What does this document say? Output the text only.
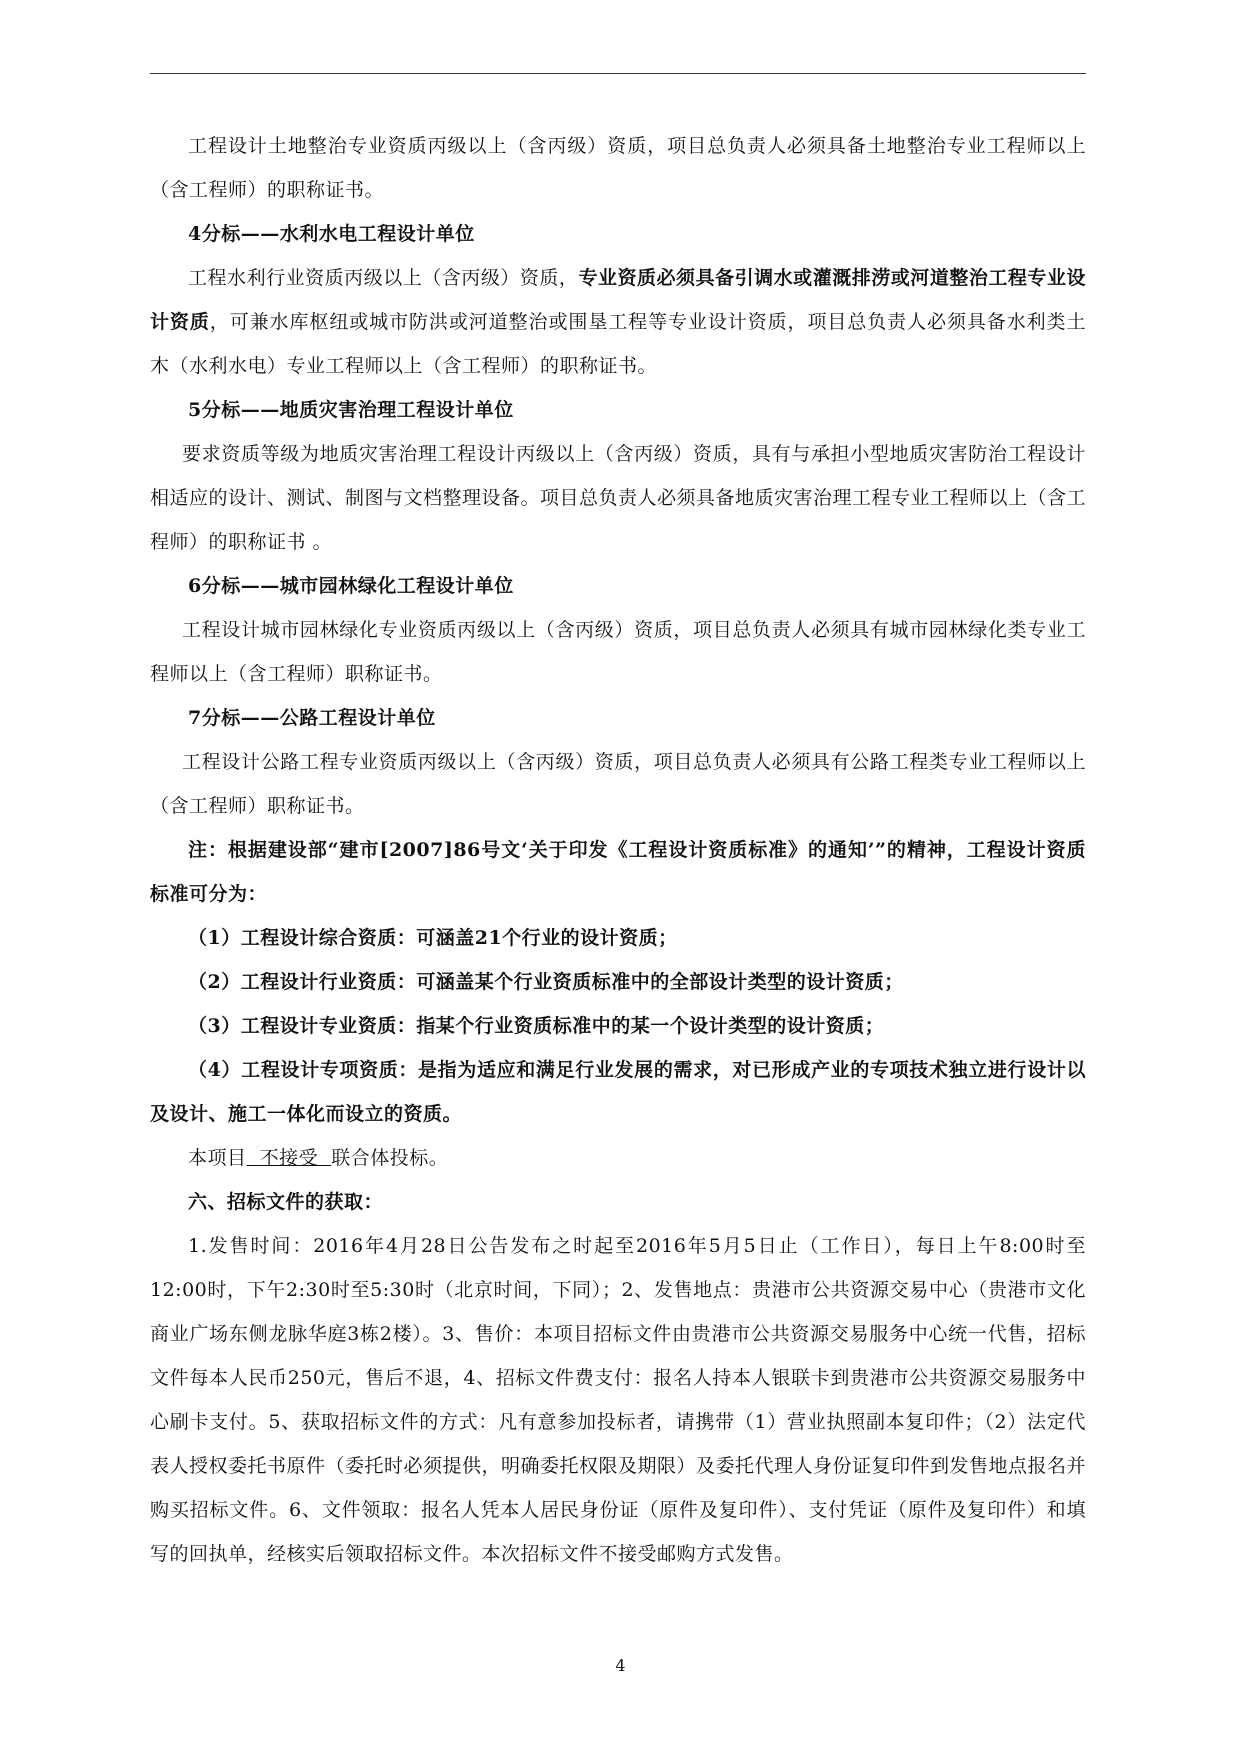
工程设计土地整治专业资质丙级以上（含丙级）资质，项目总负责人必须具备土地整治专业工程师以上（含工程师）的职称证书。

4分标——水利水电工程设计单位

工程水利行业资质丙级以上（含丙级）资质，专业资质必须具备引调水或灌溉排涝或河道整治工程专业设计资质，可兼水库枢纽或城市防洪或河道整治或围垦工程等专业设计资质，项目总负责人必须具备水利类土木（水利水电）专业工程师以上（含工程师）的职称证书。

5分标——地质灾害治理工程设计单位

要求资质等级为地质灾害治理工程设计丙级以上（含丙级）资质，具有与承担小型地质灾害防治工程设计相适应的设计、测试、制图与文档整理设备。项目总负责人必须具备地质灾害治理工程专业工程师以上（含工程师）的职称证书 。

6分标——城市园林绿化工程设计单位

工程设计城市园林绿化专业资质丙级以上（含丙级）资质，项目总负责人必须具有城市园林绿化类专业工程师以上（含工程师）职称证书。

7分标——公路工程设计单位

工程设计公路工程专业资质丙级以上（含丙级）资质，项目总负责人必须具有公路工程类专业工程师以上（含工程师）职称证书。

注：根据建设部“建市[2007]86号文‘关于印发《工程设计资质标准》的通知’”的精神，工程设计资质标准可分为：

（1）工程设计综合资质：可涵盖21个行业的设计资质；

（2）工程设计行业资质：可涵盖某个行业资质标准中的全部设计类型的设计资质；

（3）工程设计专业资质：指某个行业资质标准中的某一个设计类型的设计资质；

（4）工程设计专项资质：是指为适应和满足行业发展的需求，对已形成产业的专项技术独立进行设计以及设计、施工一体化而设立的资质。

本项目  不接受  联合体投标。

六、招标文件的获取：

1.发售时间：2016年4月28日公告发布之时起至2016年5月5日止（工作日），每日上午8:00时至12:00时，下午2:30时至5:30时（北京时间，下同）；2、发售地点：贵港市公共资源交易中心（贵港市文化商业广场东侧龙脉华庭3栋2楼）。3、售价：本项目招标文件由贵港市公共资源交易服务中心统一代售，招标文件每本人民币250元，售后不退，4、招标文件费支付：报名人持本人银联卡到贵港市公共资源交易服务中心刷卡支付。5、获取招标文件的方式：凡有意参加投标者，请携带（1）营业执照副本复印件；（2）法定代表人授权委托书原件（委托时必须提供，明确委托权限及期限）及委托代理人身份证复印件到发售地点报名并购买招标文件。6、文件领取：报名人凭本人居民身份证（原件及复印件）、支付凭证（原件及复印件）和填写的回执单，经核实后领取招标文件。本次招标文件不接受邮购方式发售。

4
